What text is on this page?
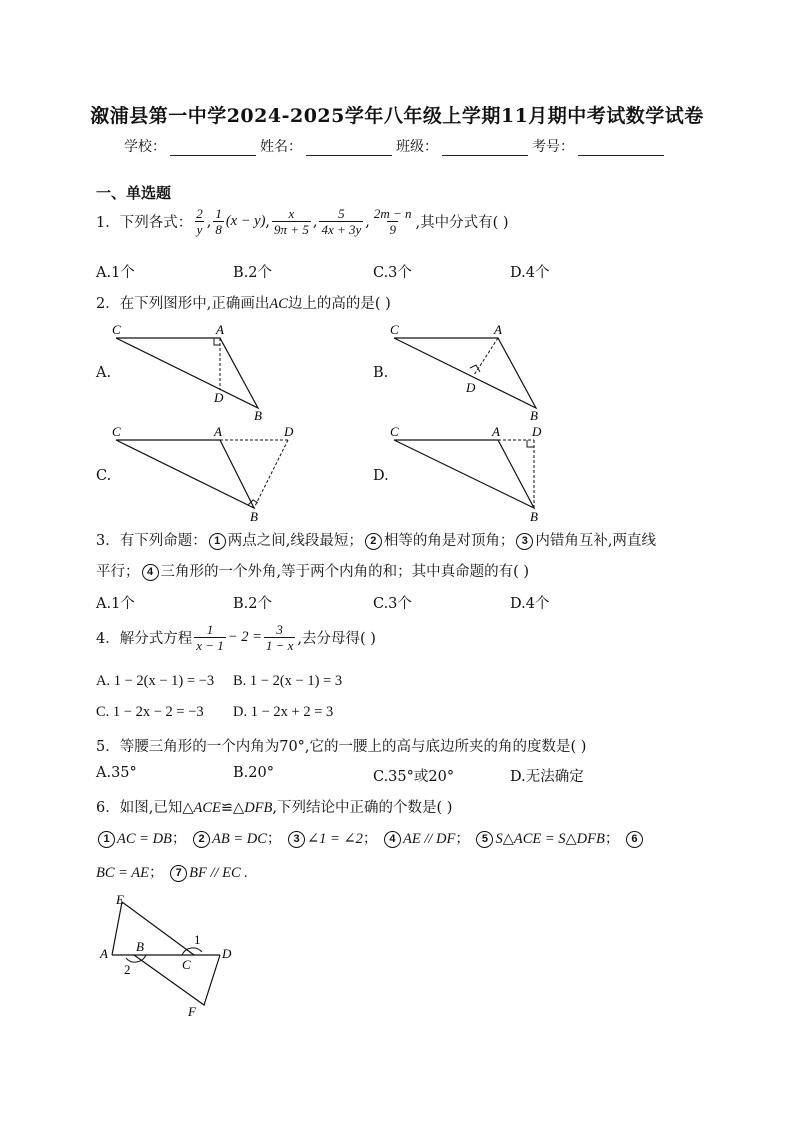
溆浦县第一中学2024-2025学年八年级上学期11月期中考试数学试卷
学校：	姓名：	班级：	考号：
一、单选题
1． 下列各式： $\frac{2}{y}$ , $\frac{1}{8} (x - y)$ , $\frac{x}{9\pi + 5}$ , $\frac{5}{4x + 3y}$ , $\frac{2m - n}{9}$ ,其中分式有( )
A.1个	B.2个	C.3个	D.4个
2．在下列图形中,正确画出AC边上的高的是( )
A.	B.
C.	D.
C	A
D
B
C	A
D
B
C	A	D
B
C	A D
B
3．有下列命题： 1 两点之间,线段最短； 2 相等的角是对顶角； 3 内错角互补,两直线
平行； 4 三角形的一个外角,等于两个内角的和；其中真命题的有( )
A.1个	B.2个	C.3个	D.4个
4．解分式方程 $\frac{1}{x - 1} - 2 = \frac{3}{1 - x}$ ,去分母得( )
A. 1 − 2(x − 1) = −3 B. 1 − 2(x − 1) = 3
C. 1 − 2x − 2 = −3 D. 1 − 2x + 2 = 3
5．等腰三角形的一个内角为70°,它的一腰上的高与底边所夹的角的度数是( )
A.35°	B.20°	C.35°或20°	D.无法确定
6．如图,已知△ACE≌△DFB,下列结论中正确的个数是( )
1 AC = DB； 2 AB = DC； 3 ∠1 = ∠2； 4 AE // DF； 5 S△ACE = S△DFB； 6
BC = AE； 7 BF // EC .
E
A B
C
D
F
1
2
